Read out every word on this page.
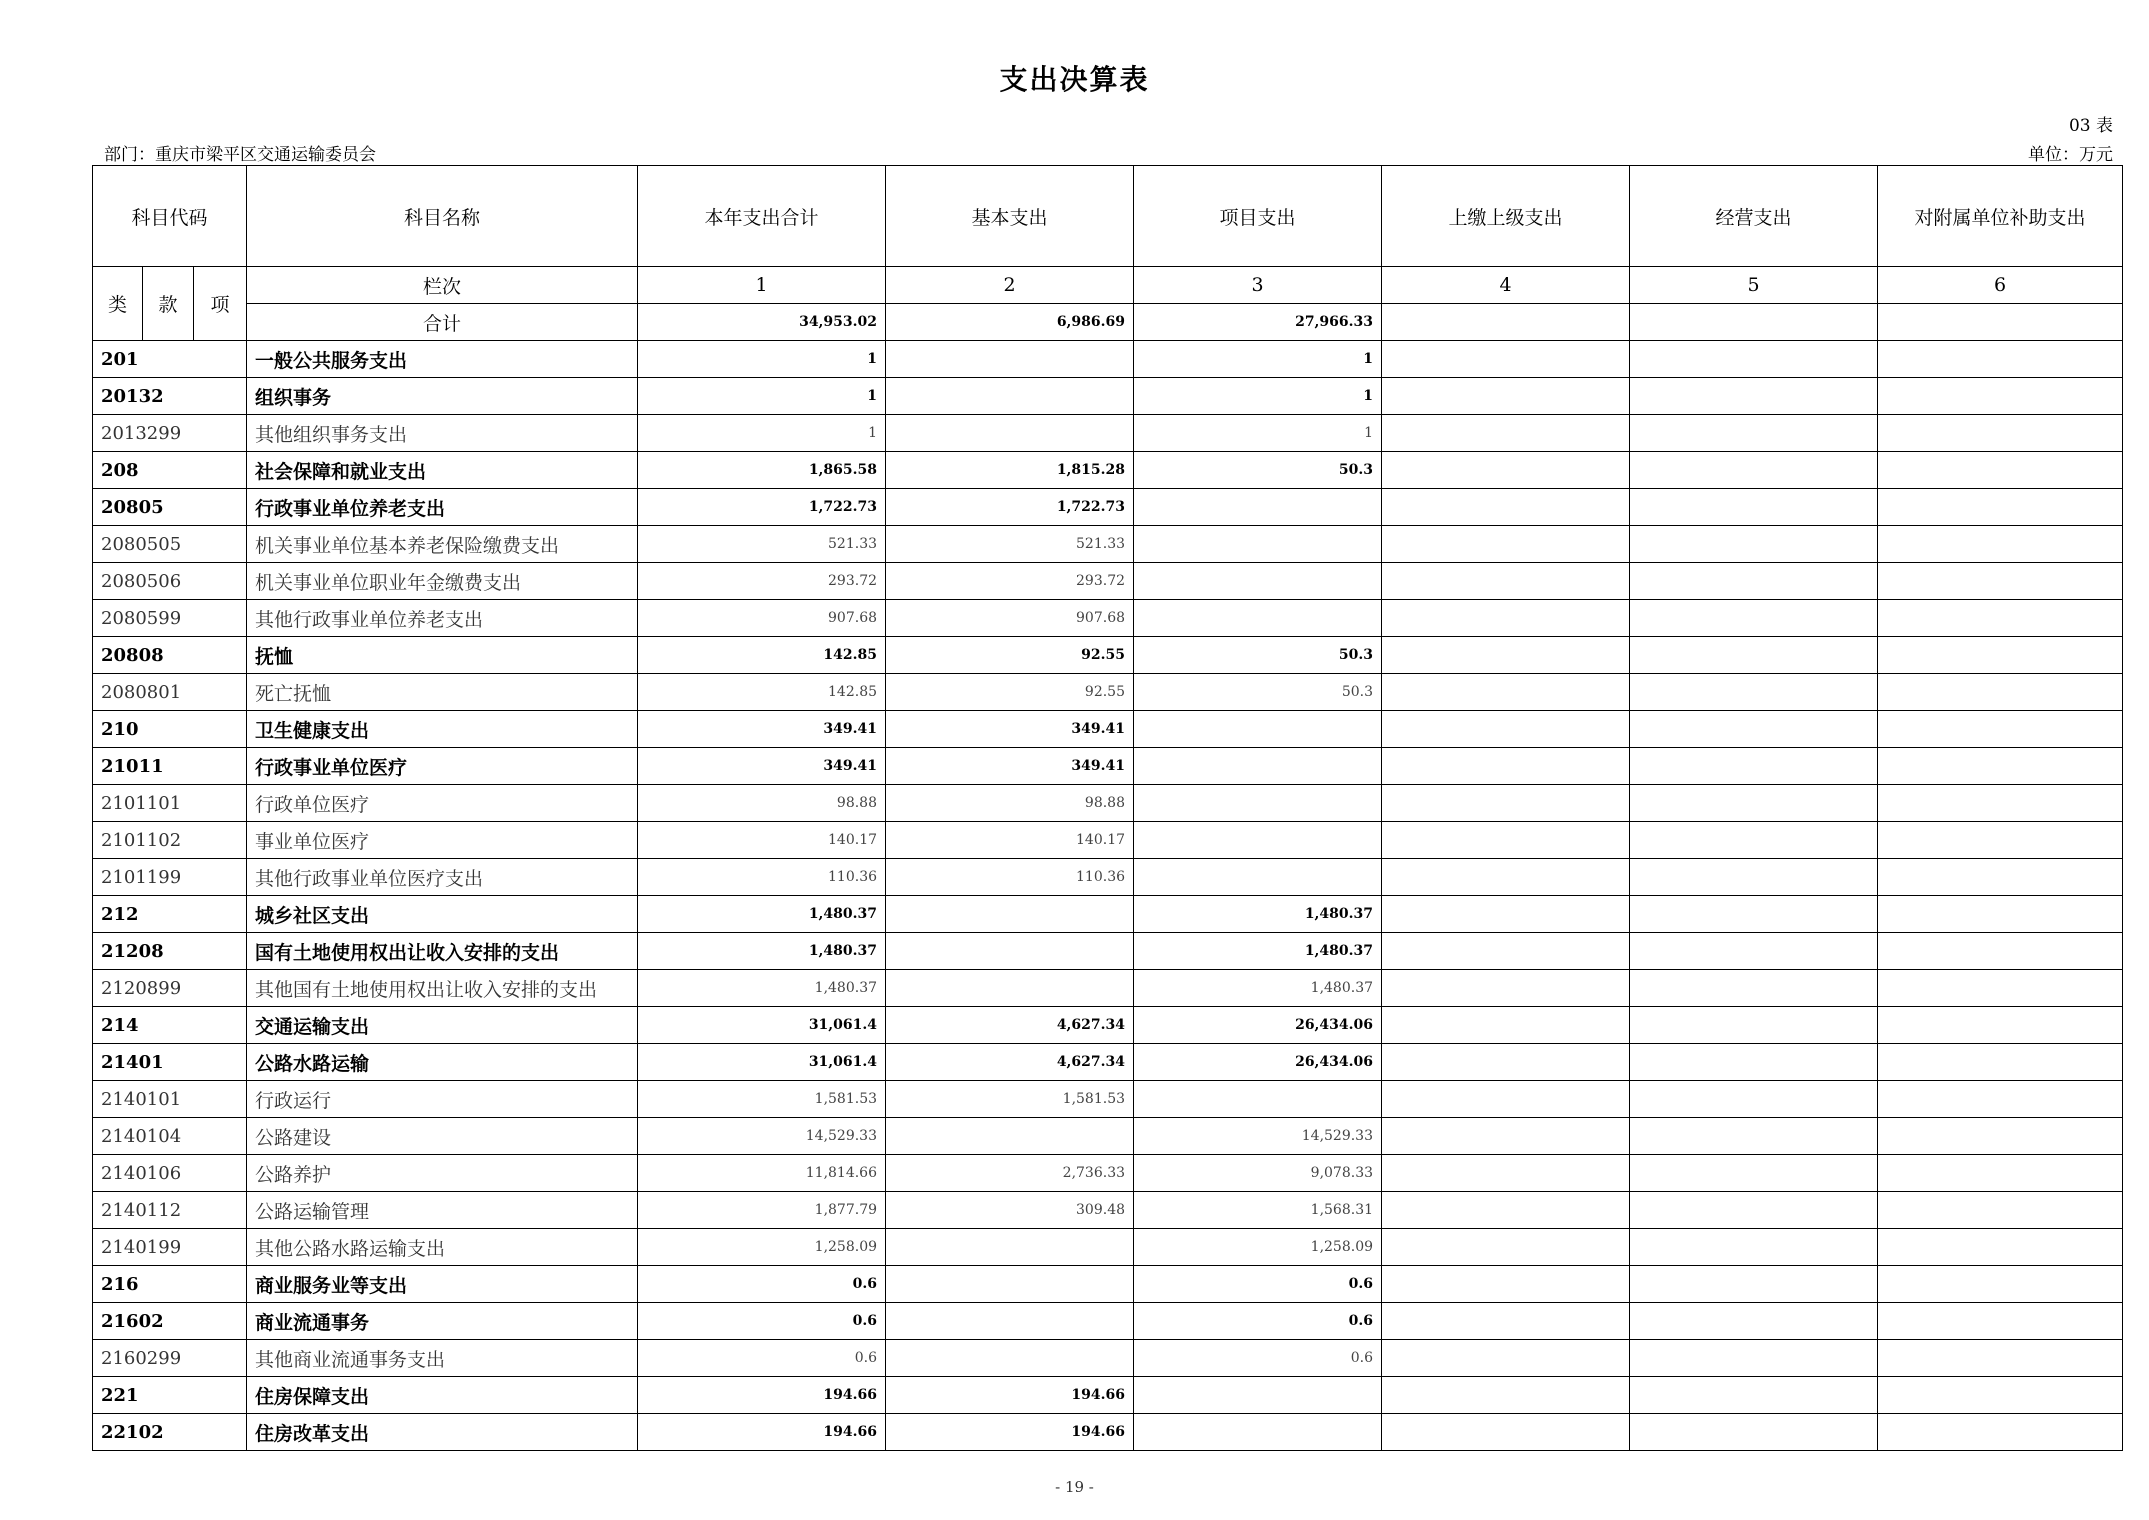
支出决算表
03 表
部门：重庆市梁平区交通运输委员会	单位：万元
科目代码			科目名称	本年支出合计	基本支出	项目支出	上缴上级支出	经营支出	对附属单位补助支出
类	款	项	栏次	1	2	3	4	5	6
			合计	34,953.02	6,986.69	27,966.33			
201			一般公共服务支出	1		1			
20132			组织事务	1		1			
2013299			其他组织事务支出	1		1			
208			社会保障和就业支出	1,865.58	1,815.28	50.3			
20805			行政事业单位养老支出	1,722.73	1,722.73				
2080505			机关事业单位基本养老保险缴费支出	521.33	521.33				
2080506			机关事业单位职业年金缴费支出	293.72	293.72				
2080599			其他行政事业单位养老支出	907.68	907.68				
20808			抚恤	142.85	92.55	50.3			
2080801			死亡抚恤	142.85	92.55	50.3			
210			卫生健康支出	349.41	349.41				
21011			行政事业单位医疗	349.41	349.41				
2101101			行政单位医疗	98.88	98.88				
2101102			事业单位医疗	140.17	140.17				
2101199			其他行政事业单位医疗支出	110.36	110.36				
212			城乡社区支出	1,480.37		1,480.37			
21208			国有土地使用权出让收入安排的支出	1,480.37		1,480.37			
2120899			其他国有土地使用权出让收入安排的支出	1,480.37		1,480.37			
214			交通运输支出	31,061.4	4,627.34	26,434.06			
21401			公路水路运输	31,061.4	4,627.34	26,434.06			
2140101			行政运行	1,581.53	1,581.53				
2140104			公路建设	14,529.33		14,529.33			
2140106			公路养护	11,814.66	2,736.33	9,078.33			
2140112			公路运输管理	1,877.79	309.48	1,568.31			
2140199			其他公路水路运输支出	1,258.09		1,258.09			
216			商业服务业等支出	0.6		0.6			
21602			商业流通事务	0.6		0.6			
2160299			其他商业流通事务支出	0.6		0.6			
221			住房保障支出	194.66	194.66				
22102			住房改革支出	194.66	194.66				
- 19 -
